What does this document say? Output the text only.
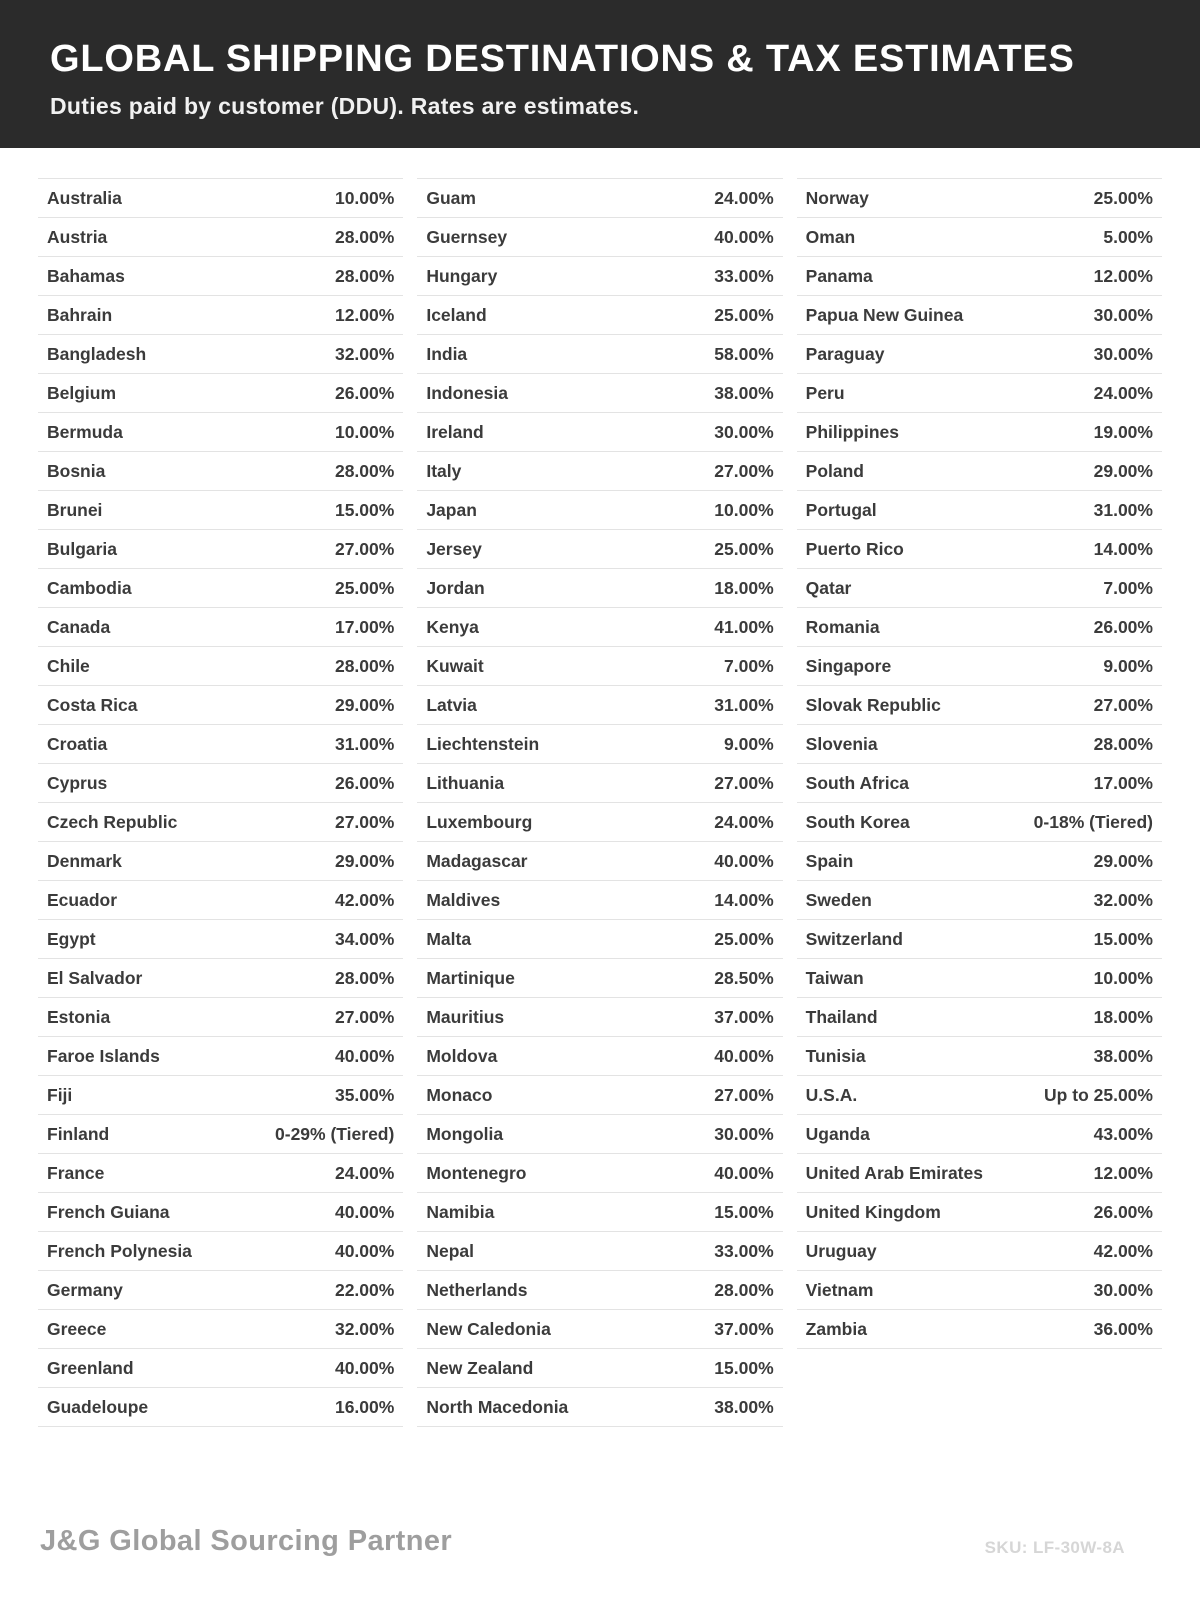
GLOBAL SHIPPING DESTINATIONS & TAX ESTIMATES
Duties paid by customer (DDU). Rates are estimates.
Australia	10.00%
Austria	28.00%
Bahamas	28.00%
Bahrain	12.00%
Bangladesh	32.00%
Belgium	26.00%
Bermuda	10.00%
Bosnia	28.00%
Brunei	15.00%
Bulgaria	27.00%
Cambodia	25.00%
Canada	17.00%
Chile	28.00%
Costa Rica	29.00%
Croatia	31.00%
Cyprus	26.00%
Czech Republic	27.00%
Denmark	29.00%
Ecuador	42.00%
Egypt	34.00%
El Salvador	28.00%
Estonia	27.00%
Faroe Islands	40.00%
Fiji	35.00%
Finland	0-29% (Tiered)
France	24.00%
French Guiana	40.00%
French Polynesia	40.00%
Germany	22.00%
Greece	32.00%
Greenland	40.00%
Guadeloupe	16.00%
Guam	24.00%
Guernsey	40.00%
Hungary	33.00%
Iceland	25.00%
India	58.00%
Indonesia	38.00%
Ireland	30.00%
Italy	27.00%
Japan	10.00%
Jersey	25.00%
Jordan	18.00%
Kenya	41.00%
Kuwait	7.00%
Latvia	31.00%
Liechtenstein	9.00%
Lithuania	27.00%
Luxembourg	24.00%
Madagascar	40.00%
Maldives	14.00%
Malta	25.00%
Martinique	28.50%
Mauritius	37.00%
Moldova	40.00%
Monaco	27.00%
Mongolia	30.00%
Montenegro	40.00%
Namibia	15.00%
Nepal	33.00%
Netherlands	28.00%
New Caledonia	37.00%
New Zealand	15.00%
North Macedonia	38.00%
Norway	25.00%
Oman	5.00%
Panama	12.00%
Papua New Guinea	30.00%
Paraguay	30.00%
Peru	24.00%
Philippines	19.00%
Poland	29.00%
Portugal	31.00%
Puerto Rico	14.00%
Qatar	7.00%
Romania	26.00%
Singapore	9.00%
Slovak Republic	27.00%
Slovenia	28.00%
South Africa	17.00%
South Korea	0-18% (Tiered)
Spain	29.00%
Sweden	32.00%
Switzerland	15.00%
Taiwan	10.00%
Thailand	18.00%
Tunisia	38.00%
U.S.A.	Up to 25.00%
Uganda	43.00%
United Arab Emirates	12.00%
United Kingdom	26.00%
Uruguay	42.00%
Vietnam	30.00%
Zambia	36.00%
J&G Global Sourcing Partner	SKU: LF-30W-8A
